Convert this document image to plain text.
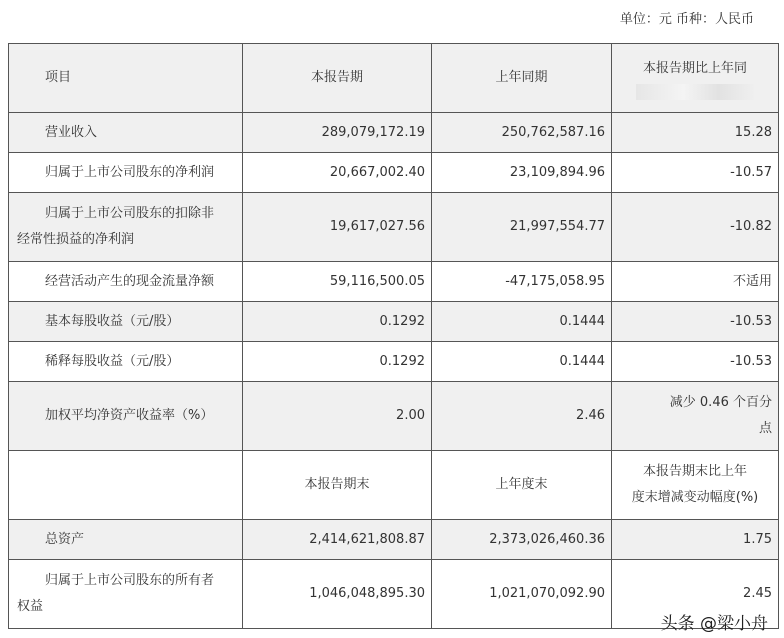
单位：元 币种：人民币
项目	本报告期	上年同期	本报告期比上年同

营业收入	289,079,172.19	250,762,587.16	15.28
归属于上市公司股东的净利润	20,667,002.40	23,109,894.96	-10.57

归属于上市公司股东的扣除非
经常性损益的净利润	19,617,027.56	21,997,554.77	-10.82
经营活动产生的现金流量净额	59,116,500.05	-47,175,058.95	不适用
基本每股收益（元/股）	0.1292	0.1444	-10.53
稀释每股收益（元/股）	0.1292	0.1444	-10.53
加权平均净资产收益率（%）	2.00	2.46	减少 0.46 个百分
点

	本报告期末	上年度末	本报告期末比上年
度末增减变动幅度(%)

总资产	2,414,621,808.87	2,373,026,460.36	1.75

归属于上市公司股东的所有者
权益	1,046,048,895.30	1,021,070,092.90	2.45
头条 @梁小舟
